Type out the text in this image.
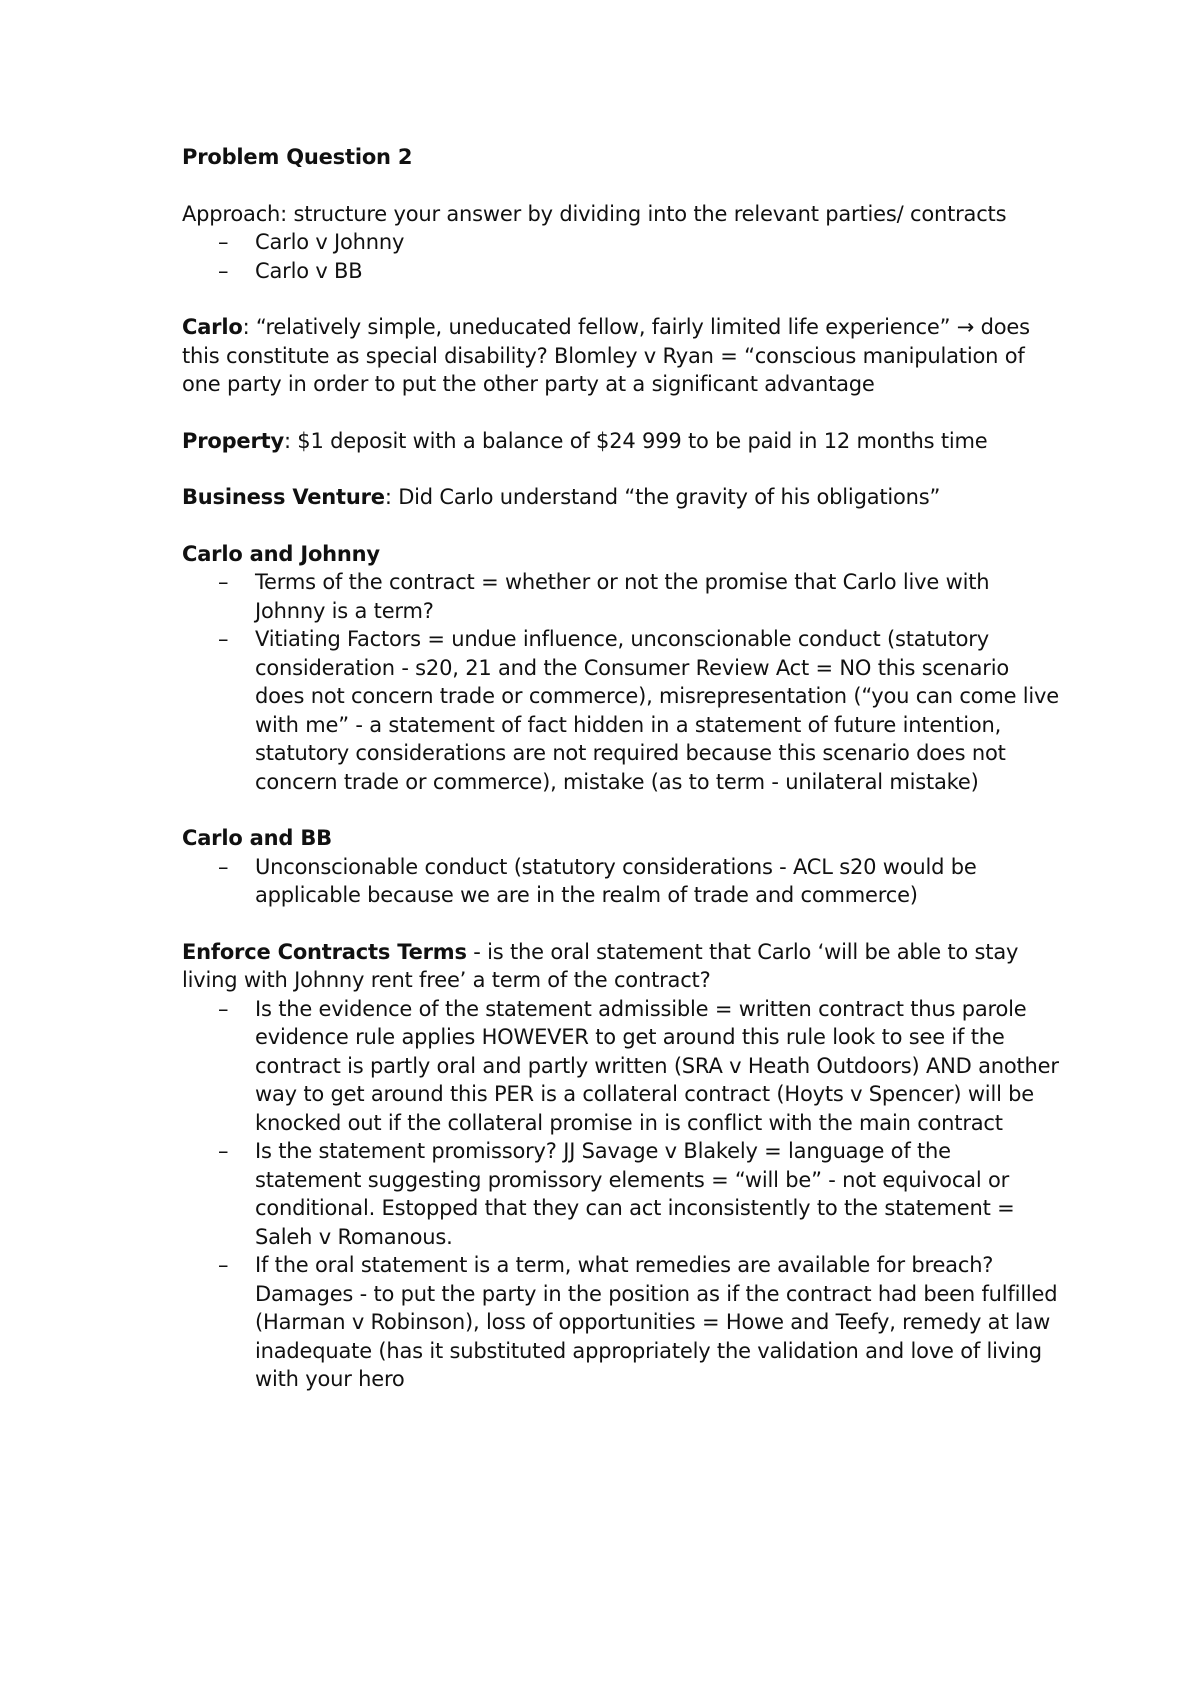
Problem Question 2
Approach: structure your answer by dividing into the relevant parties/ contracts
– Carlo v Johnny
– Carlo v BB
Carlo: “relatively simple, uneducated fellow, fairly limited life experience” → does this constitute as special disability? Blomley v Ryan = “conscious manipulation of one party in order to put the other party at a significant advantage
Property: $1 deposit with a balance of $24 999 to be paid in 12 months time
Business Venture: Did Carlo understand “the gravity of his obligations”
Carlo and Johnny
– Terms of the contract = whether or not the promise that Carlo live with Johnny is a term?
– Vitiating Factors = undue influence, unconscionable conduct (statutory consideration - s20, 21 and the Consumer Review Act = NO this scenario does not concern trade or commerce), misrepresentation (“you can come live with me” - a statement of fact hidden in a statement of future intention, statutory considerations are not required because this scenario does not concern trade or commerce), mistake (as to term - unilateral mistake)
Carlo and BB
– Unconscionable conduct (statutory considerations - ACL s20 would be applicable because we are in the realm of trade and commerce)
Enforce Contracts Terms - is the oral statement that Carlo ‘will be able to stay living with Johnny rent free’ a term of the contract?
– Is the evidence of the statement admissible = written contract thus parole evidence rule applies HOWEVER to get around this rule look to see if the contract is partly oral and partly written (SRA v Heath Outdoors) AND another way to get around this PER is a collateral contract (Hoyts v Spencer) will be knocked out if the collateral promise in is conflict with the main contract
– Is the statement promissory? JJ Savage v Blakely = language of the statement suggesting promissory elements = “will be” - not equivocal or conditional. Estopped that they can act inconsistently to the statement = Saleh v Romanous.
– If the oral statement is a term, what remedies are available for breach? Damages - to put the party in the position as if the contract had been fulfilled (Harman v Robinson), loss of opportunities = Howe and Teefy, remedy at law inadequate (has it substituted appropriately the validation and love of living with your hero
